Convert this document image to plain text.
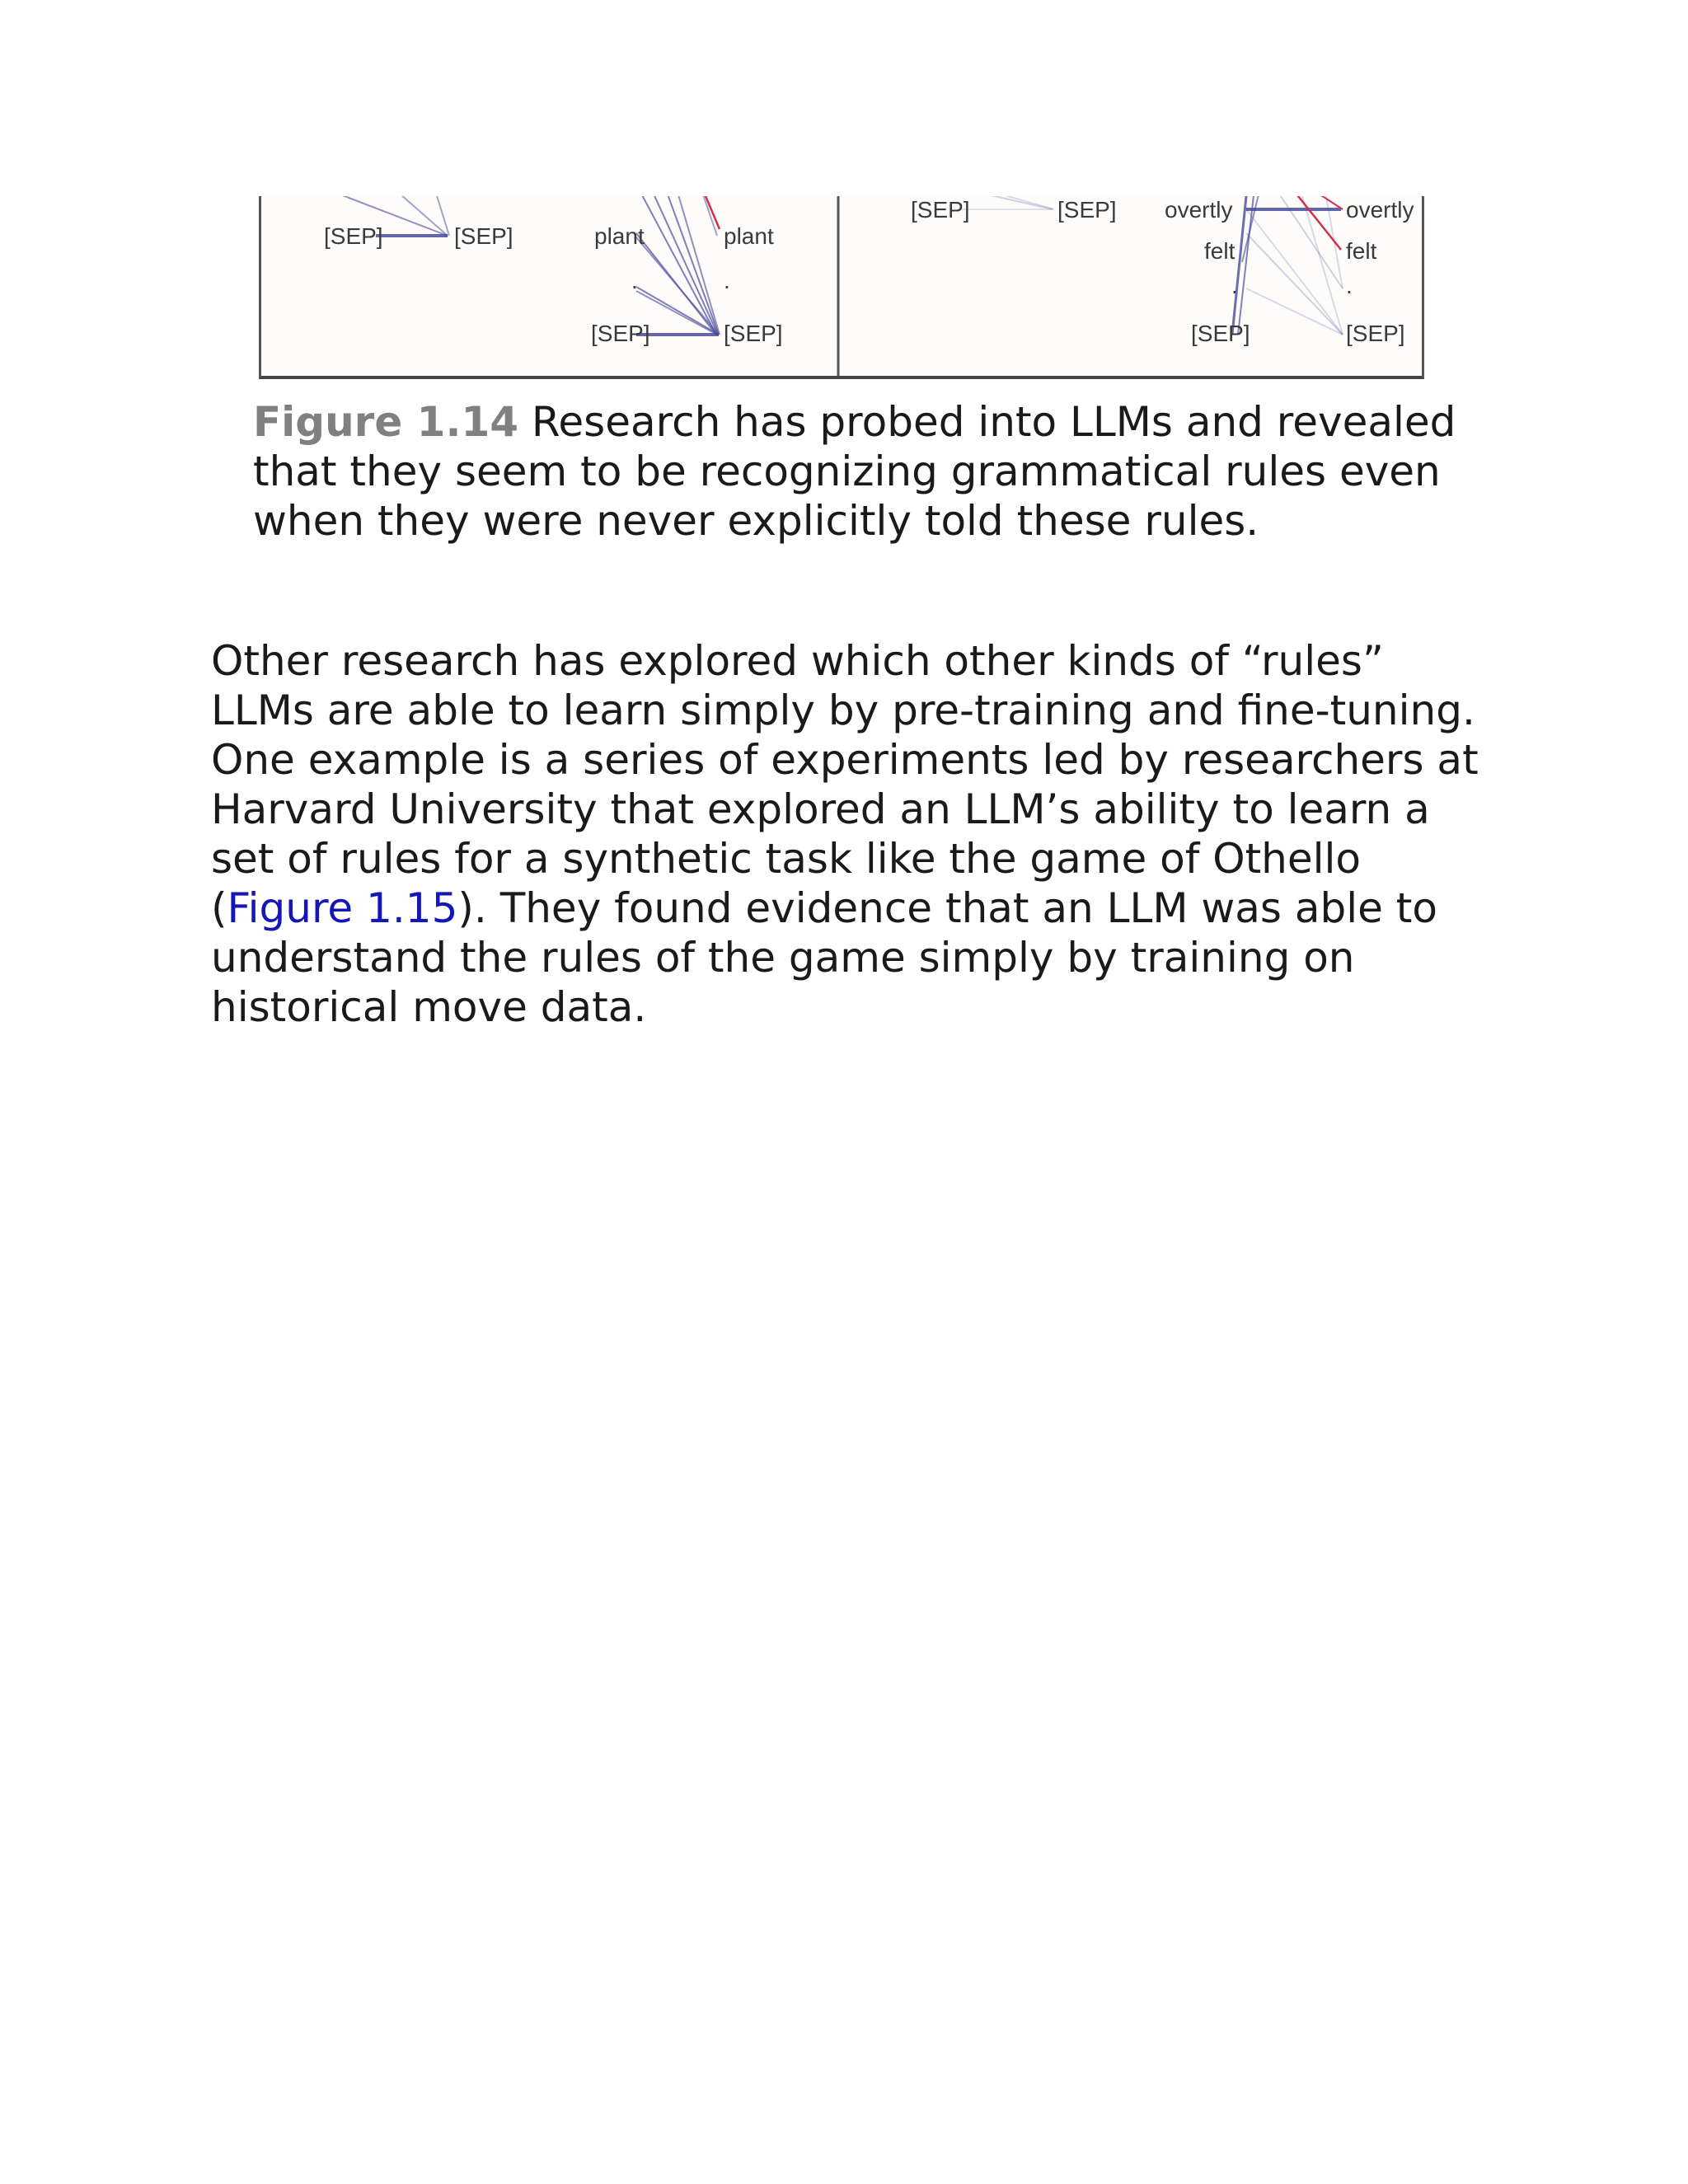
[SEP]	[SEP]	plant	plant
.	.
[SEP]	[SEP]
[SEP]	[SEP] overtly	overtly
felt	felt
.	.
[SEP]	[SEP]

Figure 1.14 Research has probed into LLMs and revealed that they seem to be recognizing grammatical rules even when they were never explicitly told these rules.

Other research has explored which other kinds of “rules” LLMs are able to learn simply by pre-training and fine-tuning. One example is a series of experiments led by researchers at Harvard University that explored an LLM’s ability to learn a set of rules for a synthetic task like the game of Othello (Figure 1.15). They found evidence that an LLM was able to understand the rules of the game simply by training on historical move data.
